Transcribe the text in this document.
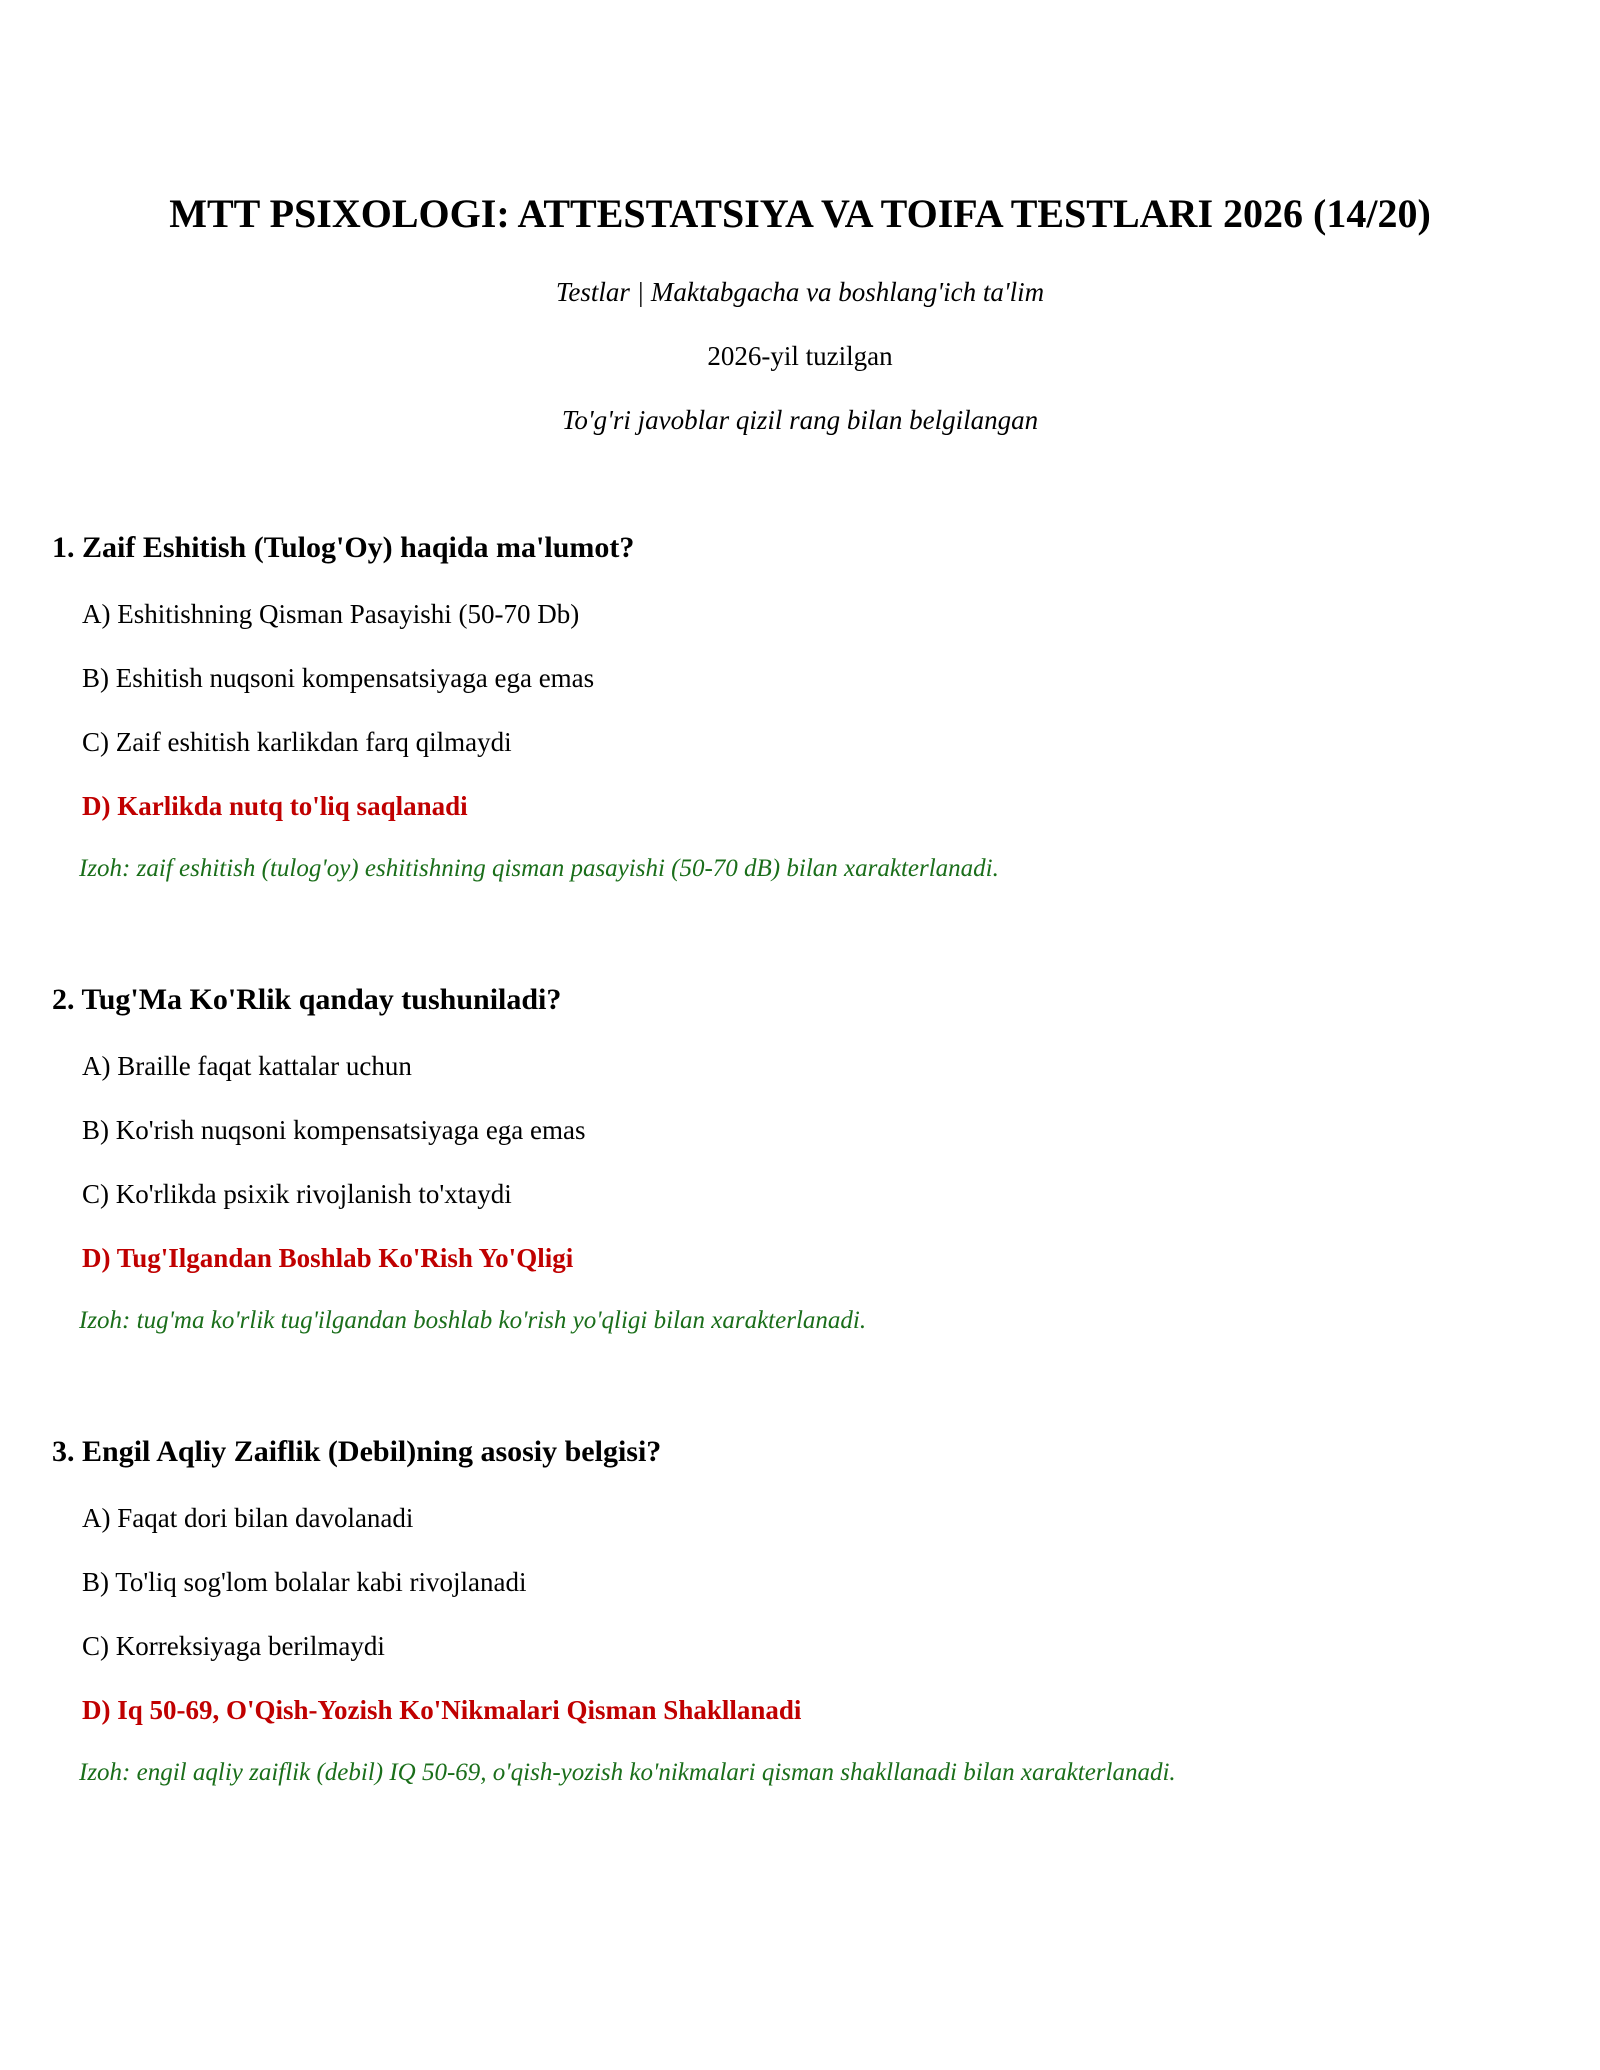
MTT PSIXOLOGI: ATTESTATSIYA VA TOIFA TESTLARI 2026 (14/20)
Testlar | Maktabgacha va boshlang'ich ta'lim
2026-yil tuzilgan
To'g'ri javoblar qizil rang bilan belgilangan

1. Zaif Eshitish (Tulog'Oy) haqida ma'lumot?

A) Eshitishning Qisman Pasayishi (50-70 Db)
B) Eshitish nuqsoni kompensatsiyaga ega emas
C) Zaif eshitish karlikdan farq qilmaydi
D) Karlikda nutq to'liq saqlanadi
Izoh: zaif eshitish (tulog'oy) eshitishning qisman pasayishi (50-70 dB) bilan xarakterlanadi.

2. Tug'Ma Ko'Rlik qanday tushuniladi?

A) Braille faqat kattalar uchun
B) Ko'rish nuqsoni kompensatsiyaga ega emas
C) Ko'rlikda psixik rivojlanish to'xtaydi
D) Tug'Ilgandan Boshlab Ko'Rish Yo'Qligi
Izoh: tug'ma ko'rlik tug'ilgandan boshlab ko'rish yo'qligi bilan xarakterlanadi.

3. Engil Aqliy Zaiflik (Debil)ning asosiy belgisi?

A) Faqat dori bilan davolanadi
B) To'liq sog'lom bolalar kabi rivojlanadi
C) Korreksiyaga berilmaydi
D) Iq 50-69, O'Qish-Yozish Ko'Nikmalari Qisman Shakllanadi
Izoh: engil aqliy zaiflik (debil) IQ 50-69, o'qish-yozish ko'nikmalari qisman shakllanadi bilan xarakterlanadi.
